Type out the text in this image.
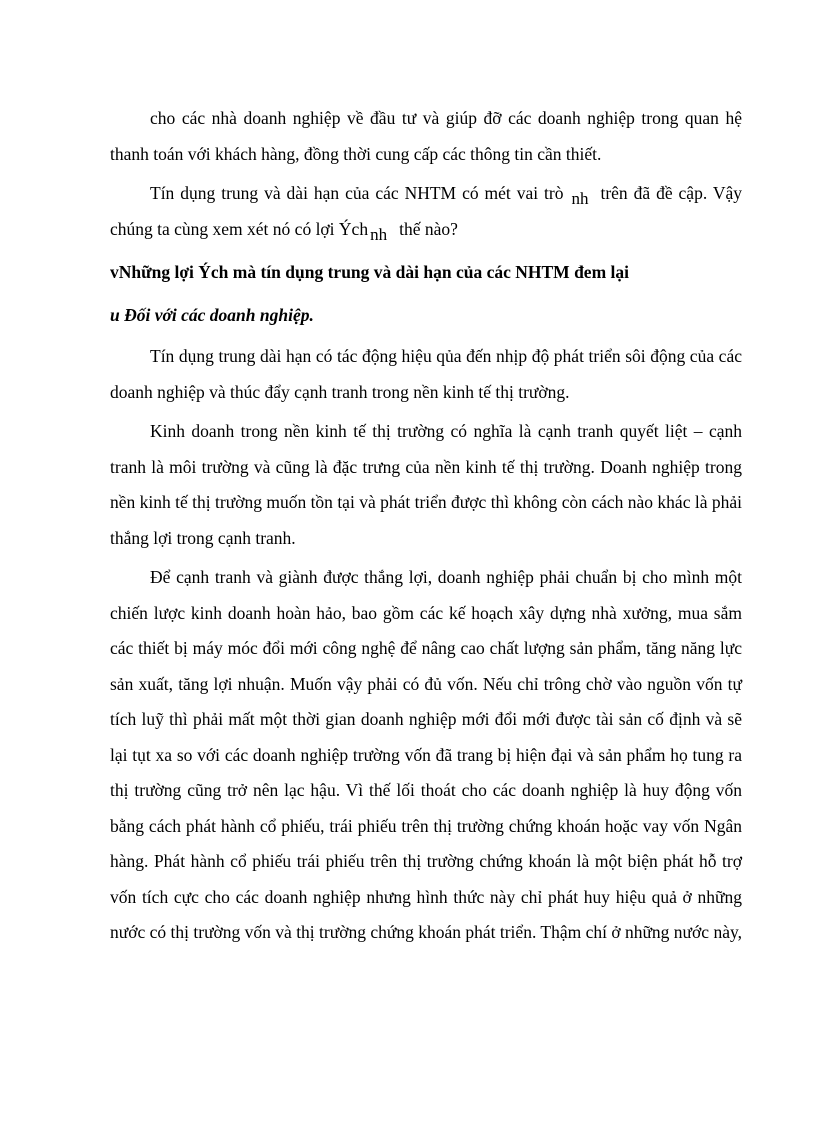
cho các nhà doanh nghiệp về đầu tư và giúp đỡ các doanh nghiệp trong quan hệ thanh toán với khách hàng, đồng thời cung cấp các thông tin cần thiết.

Tín dụng trung và dài hạn của các NHTM có mét vai trò nh trên đã đề cập. Vậy chúng ta cùng xem xét nó có lợi Ých nh thế nào?

vNhững lợi Ých mà tín dụng trung và dài hạn của các NHTM đem lại
u Đối với các doanh nghiệp.

Tín dụng trung dài hạn có tác động hiệu qủa đến nhịp độ phát triển sôi động của các doanh nghiệp và thúc đẩy cạnh tranh trong nền kinh tế thị trường.

Kinh doanh trong nền kinh tế thị trường có nghĩa là cạnh tranh quyết liệt – cạnh tranh là môi trường và cũng là đặc trưng của nền kinh tế thị trường. Doanh nghiệp trong nền kinh tế thị trường muốn tồn tại và phát triển được thì không còn cách nào khác là phải thắng lợi trong cạnh tranh.

Để cạnh tranh và giành được thắng lợi, doanh nghiệp phải chuẩn bị cho mình một chiến lược kinh doanh hoàn hảo, bao gồm các kế hoạch xây dựng nhà xưởng, mua sắm các thiết bị máy móc đổi mới công nghệ để nâng cao chất lượng sản phẩm, tăng năng lực sản xuất, tăng lợi nhuận. Muốn vậy phải có đủ vốn. Nếu chỉ trông chờ vào nguồn vốn tự tích luỹ thì phải mất một thời gian doanh nghiệp mới đổi mới được tài sản cố định và sẽ lại tụt xa so với các doanh nghiệp trường vốn đã trang bị hiện đại và sản phẩm họ tung ra thị trường cũng trở nên lạc hậu. Vì thế lối thoát cho các doanh nghiệp là huy động vốn bằng cách phát hành cổ phiếu, trái phiếu trên thị trường chứng khoán hoặc vay vốn Ngân hàng. Phát hành cổ phiếu trái phiếu trên thị trường chứng khoán là một biện phát hỗ trợ vốn tích cực cho các doanh nghiệp nhưng hình thức này chỉ phát huy hiệu quả ở những nước có thị trường vốn và thị trường chứng khoán phát triển. Thậm chí ở những nước này,
